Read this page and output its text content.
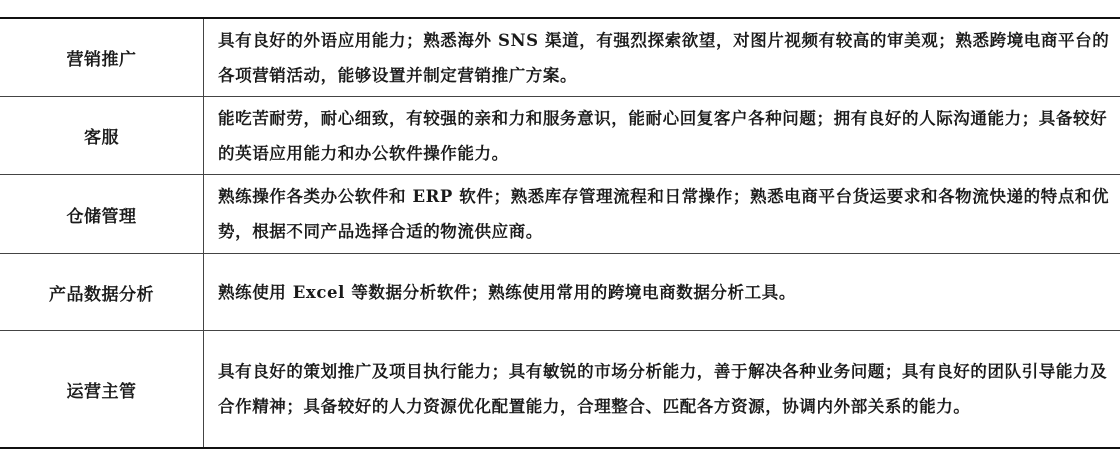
营销推广	具有良好的外语应用能力；熟悉海外 SNS 渠道，有强烈探索欲望，对图片视频有较高的审美观；熟悉跨境电商平台的各项营销活动，能够设置并制定营销推广方案。
客服	能吃苦耐劳，耐心细致，有较强的亲和力和服务意识，能耐心回复客户各种问题；拥有良好的人际沟通能力；具备较好的英语应用能力和办公软件操作能力。
仓储管理	熟练操作各类办公软件和 ERP 软件；熟悉库存管理流程和日常操作；熟悉电商平台货运要求和各物流快递的特点和优势，根据不同产品选择合适的物流供应商。
产品数据分析	熟练使用 Excel 等数据分析软件；熟练使用常用的跨境电商数据分析工具。
运营主管	具有良好的策划推广及项目执行能力；具有敏锐的市场分析能力，善于解决各种业务问题；具有良好的团队引导能力及合作精神；具备较好的人力资源优化配置能力，合理整合、匹配各方资源，协调内外部关系的能力。
